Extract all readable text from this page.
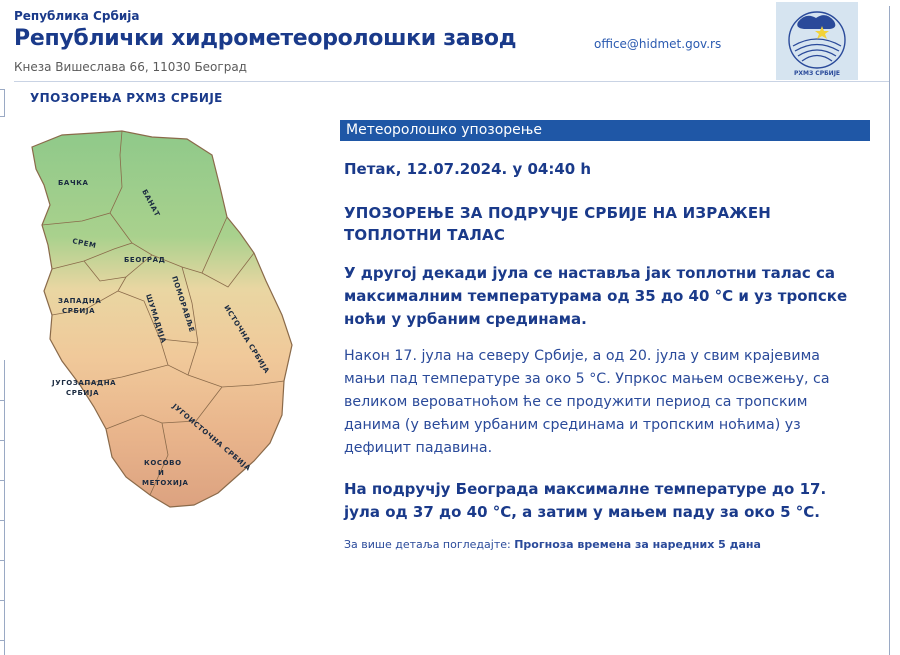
Република Србија
Републички хидрометеоролошки завод
Кнеза Вишеслава 66, 11030 Београд
office@hidmet.gov.rs
РХМЗ СРБИЈЕ
УПОЗОРЕЊА РХМЗ СРБИЈЕ
БАЧКА
БАНАТ
СРЕМ
БЕОГРАД
ЗАПАДНА
СРБИЈА	ШУМАДИЈА ПОМОРАВЉЕ	ИСТОЧНА СРБИЈА
ЈУГОЗАПАДНА
СРБИЈА
ЈУГОИСТОЧНА СРБИЈА
КОСОВО
И
МЕТОХИЈА
Метеоролошко упозорење

Петак, 12.07.2024. у 04:40 h

УПОЗОРЕЊЕ ЗА ПОДРУЧЈЕ СРБИЈЕ НА ИЗРАЖЕН ТОПЛОТНИ ТАЛАС

У другој декади јула се наставља јак топлотни талас са максималним температурама од 35 до 40 °C и уз тропске ноћи у урбаним срединама.

Након 17. јула на северу Србије, а од 20. јула у свим крајевима мањи пад температуре за око 5 °C. Упркос мањем освежењу, са великом вероватноћом ће се продужити период са тропским данима (у већим урбаним срединама и тропским ноћима) уз дефицит падавина.

На подручју Београда максималне температуре до 17. јула од 37 до 40 °C, а затим у мањем паду за око 5 °C.

За више детаља погледајте: Прогноза времена за наредних 5 дана
